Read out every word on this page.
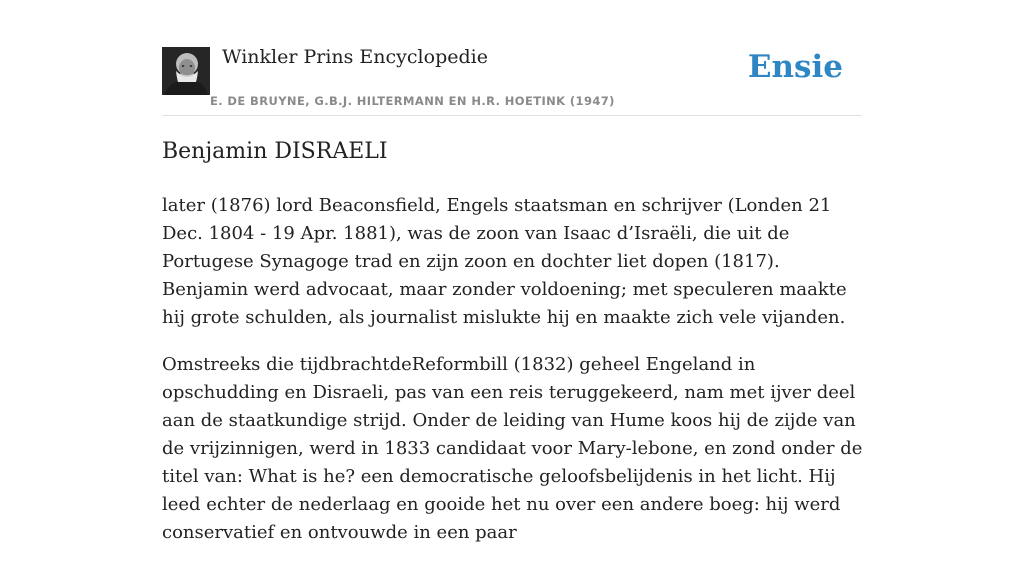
Winkler Prins Encyclopedie
E. DE BRUYNE, G.B.J. HILTERMANN EN H.R. HOETINK (1947)
Ensie
Benjamin DISRAELI

later (1876) lord Beaconsfield, Engels staatsman en schrijver (Londen 21 Dec. 1804 - 19 Apr. 1881), was de zoon van Isaac d’Israëli, die uit de Portugese Synagoge trad en zijn zoon en dochter liet dopen (1817). Benjamin werd advocaat, maar zonder voldoening; met speculeren maakte hij grote schulden, als journalist mislukte hij en maakte zich vele vijanden.

Omstreeks die tijdbrachtdeReformbill (1832) geheel Engeland in opschudding en Disraeli, pas van een reis teruggekeerd, nam met ijver deel aan de staatkundige strijd. Onder de leiding van Hume koos hij de zijde van de vrijzinnigen, werd in 1833 candidaat voor Mary-lebone, en zond onder de titel van: What is he? een democratische geloofsbelijdenis in het licht. Hij leed echter de nederlaag en gooide het nu over een andere boeg: hij werd conservatief en ontvouwde in een paar
